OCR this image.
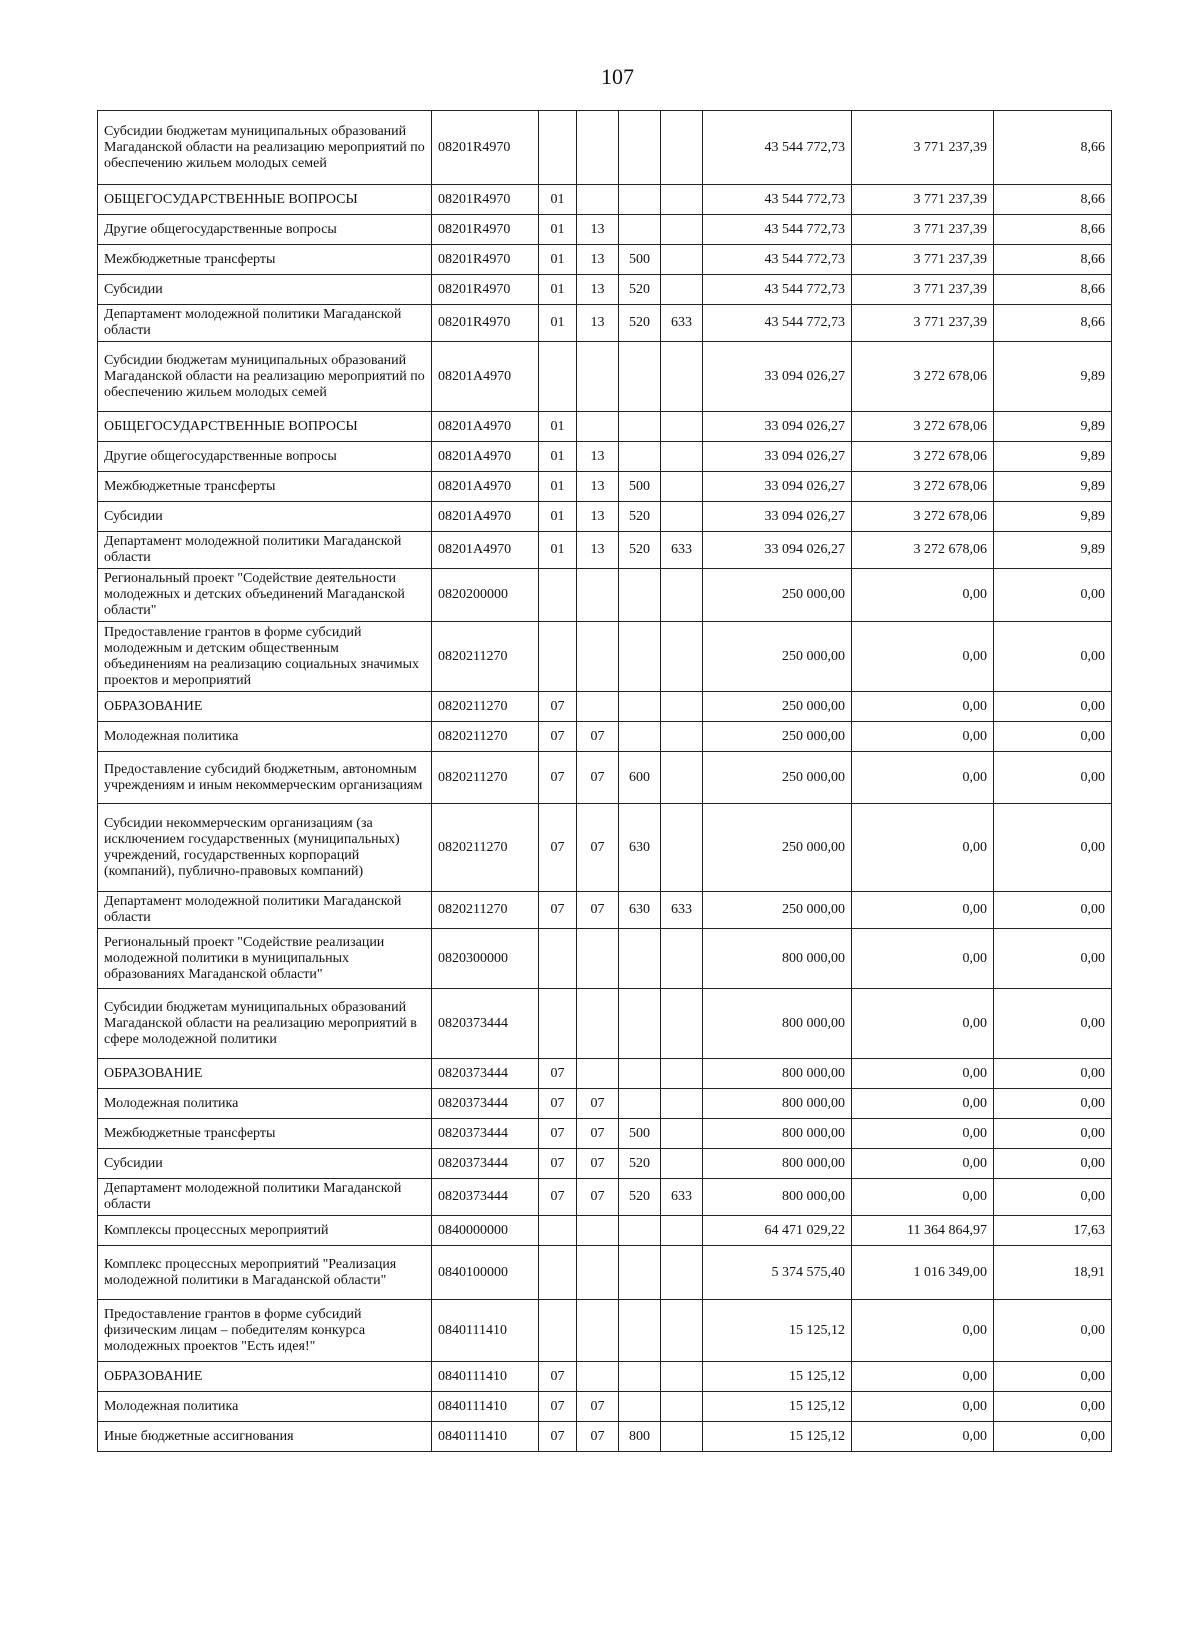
107
Субсидии бюджетам муниципальных образований Магаданской области на реализацию мероприятий по обеспечению жильем молодых семей	08201R4970					43 544 772,73	3 771 237,39	8,66
ОБЩЕГОСУДАРСТВЕННЫЕ ВОПРОСЫ	08201R4970	01				43 544 772,73	3 771 237,39	8,66
Другие общегосударственные вопросы	08201R4970	01	13			43 544 772,73	3 771 237,39	8,66
Межбюджетные трансферты	08201R4970	01	13	500		43 544 772,73	3 771 237,39	8,66
Субсидии	08201R4970	01	13	520		43 544 772,73	3 771 237,39	8,66
Департамент молодежной политики Магаданской области	08201R4970	01	13	520	633	43 544 772,73	3 771 237,39	8,66
Субсидии бюджетам муниципальных образований Магаданской области на реализацию мероприятий по обеспечению жильем молодых семей	08201A4970					33 094 026,27	3 272 678,06	9,89
ОБЩЕГОСУДАРСТВЕННЫЕ ВОПРОСЫ	08201A4970	01				33 094 026,27	3 272 678,06	9,89
Другие общегосударственные вопросы	08201A4970	01	13			33 094 026,27	3 272 678,06	9,89
Межбюджетные трансферты	08201A4970	01	13	500		33 094 026,27	3 272 678,06	9,89
Субсидии	08201A4970	01	13	520		33 094 026,27	3 272 678,06	9,89
Департамент молодежной политики Магаданской области	08201A4970	01	13	520	633	33 094 026,27	3 272 678,06	9,89
Региональный проект "Содействие деятельности молодежных и детских объединений Магаданской области"	0820200000					250 000,00	0,00	0,00
Предоставление грантов в форме субсидий молодежным и детским общественным объединениям на реализацию социальных значимых проектов и мероприятий	0820211270					250 000,00	0,00	0,00
ОБРАЗОВАНИЕ	0820211270	07				250 000,00	0,00	0,00
Молодежная политика	0820211270	07	07			250 000,00	0,00	0,00
Предоставление субсидий бюджетным, автономным учреждениям и иным некоммерческим организациям	0820211270	07	07	600		250 000,00	0,00	0,00
Субсидии некоммерческим организациям (за исключением государственных (муниципальных) учреждений, государственных корпораций (компаний), публично-правовых компаний)	0820211270	07	07	630		250 000,00	0,00	0,00
Департамент молодежной политики Магаданской области	0820211270	07	07	630	633	250 000,00	0,00	0,00
Региональный проект "Содействие реализации молодежной политики в муниципальных образованиях Магаданской области"	0820300000					800 000,00	0,00	0,00
Субсидии бюджетам муниципальных образований Магаданской области на реализацию мероприятий в сфере молодежной политики	0820373444					800 000,00	0,00	0,00
ОБРАЗОВАНИЕ	0820373444	07				800 000,00	0,00	0,00
Молодежная политика	0820373444	07	07			800 000,00	0,00	0,00
Межбюджетные трансферты	0820373444	07	07	500		800 000,00	0,00	0,00
Субсидии	0820373444	07	07	520		800 000,00	0,00	0,00
Департамент молодежной политики Магаданской области	0820373444	07	07	520	633	800 000,00	0,00	0,00
Комплексы процессных мероприятий	0840000000					64 471 029,22	11 364 864,97	17,63
Комплекс процессных мероприятий "Реализация молодежной политики в Магаданской области"	0840100000					5 374 575,40	1 016 349,00	18,91
Предоставление грантов в форме субсидий физическим лицам – победителям конкурса молодежных проектов "Есть идея!"	0840111410					15 125,12	0,00	0,00
ОБРАЗОВАНИЕ	0840111410	07				15 125,12	0,00	0,00
Молодежная политика	0840111410	07	07			15 125,12	0,00	0,00
Иные бюджетные ассигнования	0840111410	07	07	800		15 125,12	0,00	0,00
